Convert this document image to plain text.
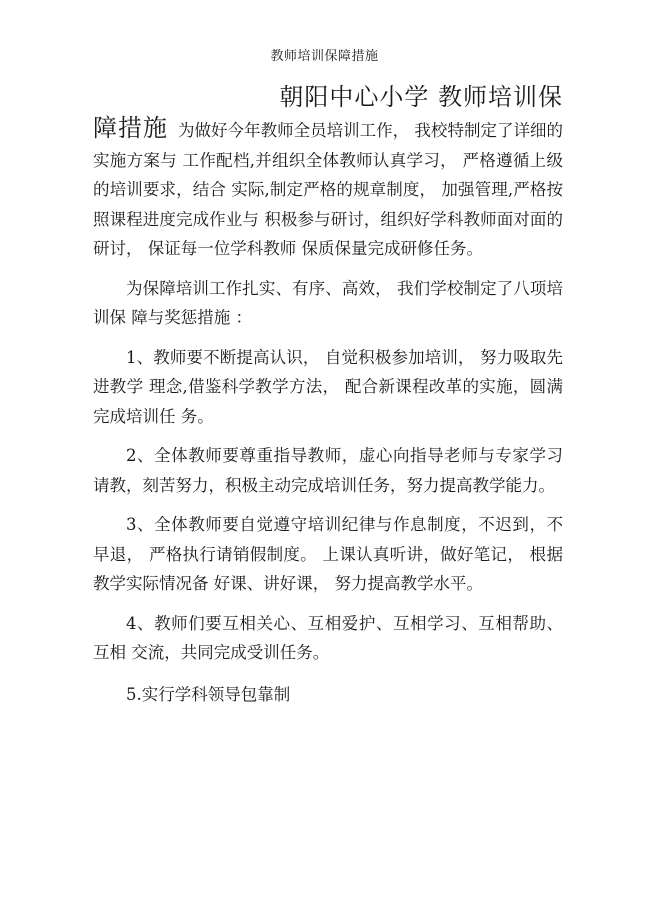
教师培训保障措施
朝阳中心小学 教师培训保

障措施 为做好今年教师全员培训工作， 我校特制定了详细的实施方案与 工作配档,并组织全体教师认真学习， 严格遵循上级的培训要求，结合 实际,制定严格的规章制度， 加强管理,严格按照课程进度完成作业与 积极参与研讨，组织好学科教师面对面的研讨， 保证每一位学科教师 保质保量完成研修任务。

为保障培训工作扎实、有序、高效， 我们学校制定了八项培训保 障与奖惩措施 ：

1、教师要不断提高认识， 自觉积极参加培训， 努力吸取先进教学 理念,借鉴科学教学方法， 配合新课程改革的实施，圆满完成培训任 务。

2、全体教师要尊重指导教师，虚心向指导老师与专家学习请教，刻苦努力，积极主动完成培训任务，努力提高教学能力。

3、全体教师要自觉遵守培训纪律与作息制度，不迟到，不早退， 严格执行请销假制度。 上课认真听讲，做好笔记， 根据教学实际情况备 好课、讲好课， 努力提高教学水平。

4、教师们要互相关心、互相爱护、互相学习、互相帮助、互相 交流，共同完成受训任务。

5.实行学科领导包靠制
